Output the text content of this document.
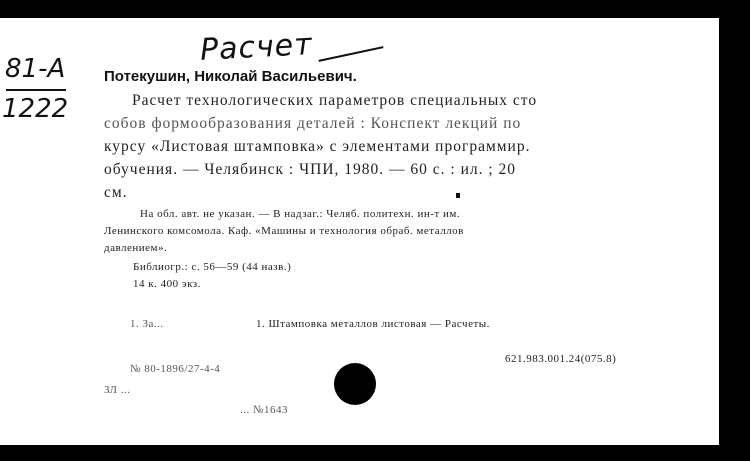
Расчет
81-А
1222
Потекушин, Николай Васильевич.
Расчет технологических параметров специальных сто
собов формообразования деталей : Конспект лекций по
курсу «Листовая штамповка» с элементами программир.
обучения. — Челябинск : ЧПИ, 1980. — 60 с. : ил. ; 20
см.
На обл. авт. не указан. — В надзаг.: Челяб. политехн. ин-т им.
Ленинского комсомола. Каф. «Машины и технология обраб. металлов
давлением».
Библиогр.: с. 56—59 (44 назв.)
14 к. 400 экз.
1. За...	1. Штамповка металлов листовая — Расчеты.
621.983.001.24(075.8)
№ 80-1896/27-4-4
ЗЛ ...
... №1643
